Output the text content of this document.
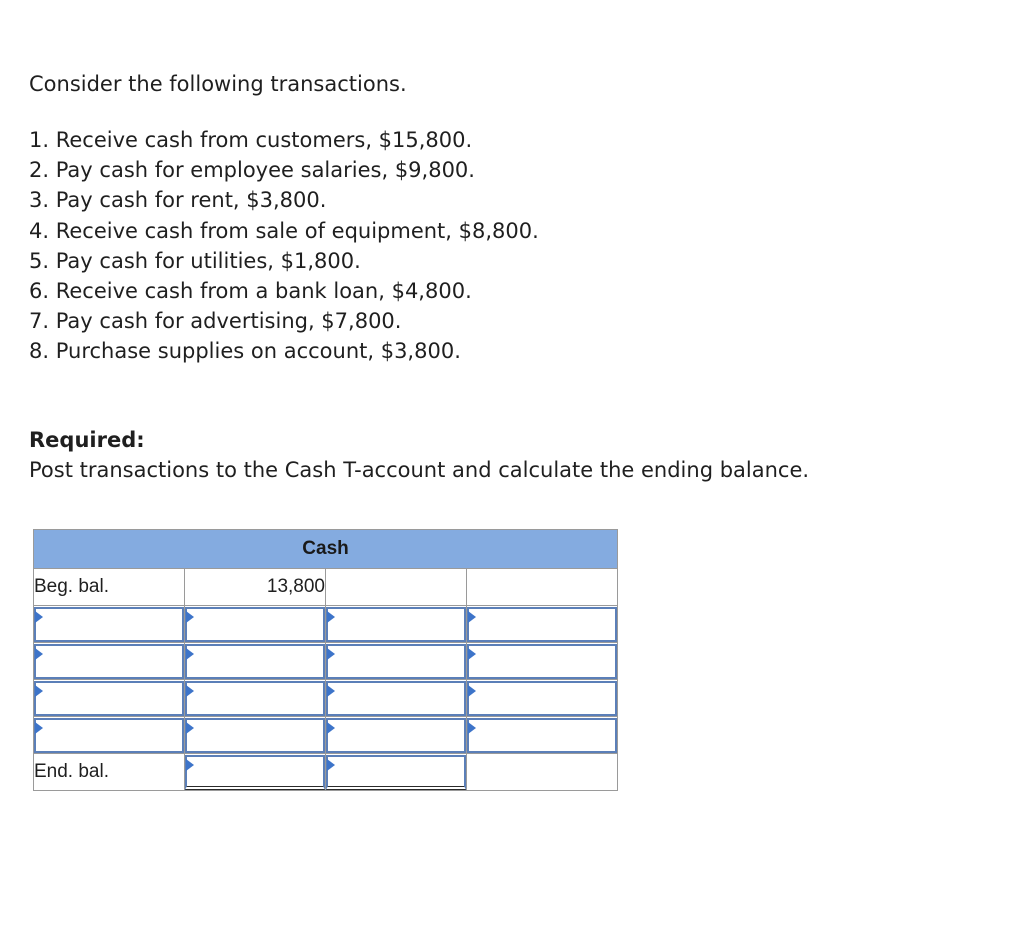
Consider the following transactions.

1. Receive cash from customers, $15,800.
2. Pay cash for employee salaries, $9,800.
3. Pay cash for rent, $3,800.
4. Receive cash from sale of equipment, $8,800.
5. Pay cash for utilities, $1,800.
6. Receive cash from a bank loan, $4,800.
7. Pay cash for advertising, $7,800.
8. Purchase supplies on account, $3,800.

Required:

Post transactions to the Cash T-account and calculate the ending balance.

Cash			
Beg. bal.	13,800		

End. bal.	
